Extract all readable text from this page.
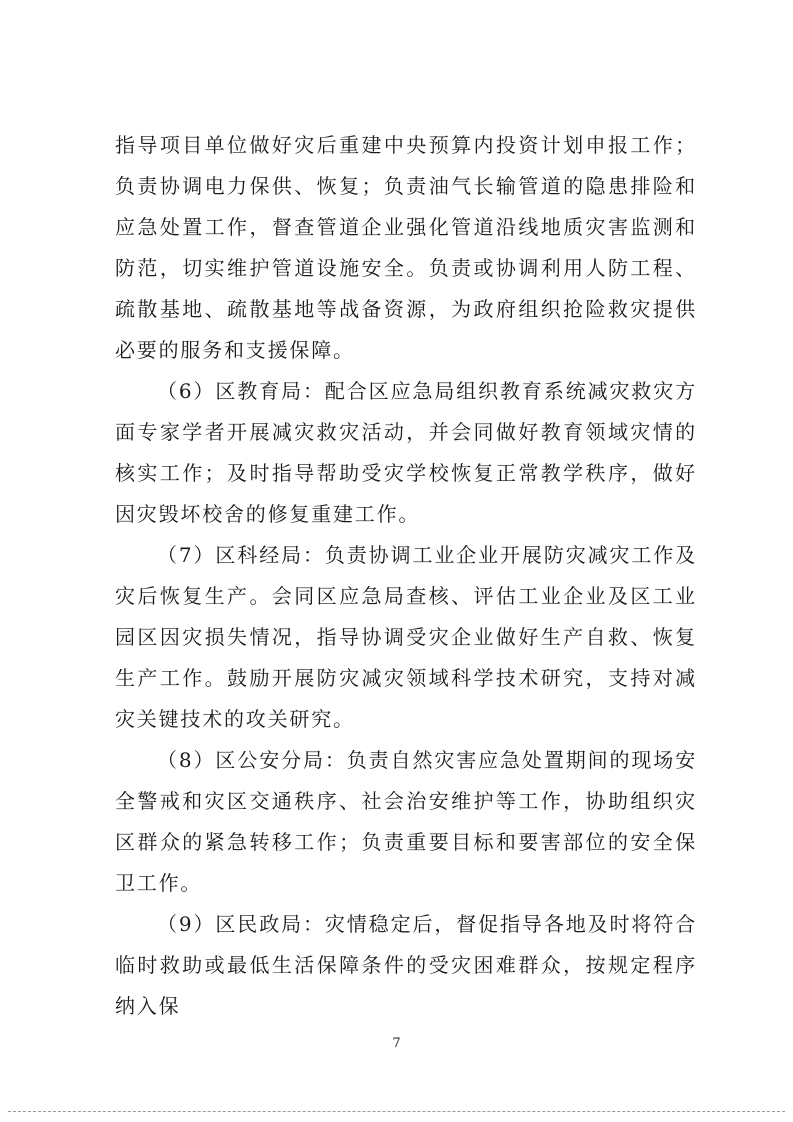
指导项目单位做好灾后重建中央预算内投资计划申报工作；负责协调电力保供、恢复；负责油气长输管道的隐患排险和应急处置工作，督查管道企业强化管道沿线地质灾害监测和防范，切实维护管道设施安全。负责或协调利用人防工程、疏散基地、疏散基地等战备资源，为政府组织抢险救灾提供必要的服务和支援保障。

（6）区教育局：配合区应急局组织教育系统减灾救灾方面专家学者开展减灾救灾活动，并会同做好教育领域灾情的核实工作；及时指导帮助受灾学校恢复正常教学秩序，做好因灾毁坏校舍的修复重建工作。

（7）区科经局：负责协调工业企业开展防灾减灾工作及灾后恢复生产。会同区应急局查核、评估工业企业及区工业园区因灾损失情况，指导协调受灾企业做好生产自救、恢复生产工作。鼓励开展防灾减灾领域科学技术研究，支持对减灾关键技术的攻关研究。

（8）区公安分局：负责自然灾害应急处置期间的现场安全警戒和灾区交通秩序、社会治安维护等工作，协助组织灾区群众的紧急转移工作；负责重要目标和要害部位的安全保卫工作。

（9）区民政局：灾情稳定后，督促指导各地及时将符合临时救助或最低生活保障条件的受灾困难群众，按规定程序纳入保

7
